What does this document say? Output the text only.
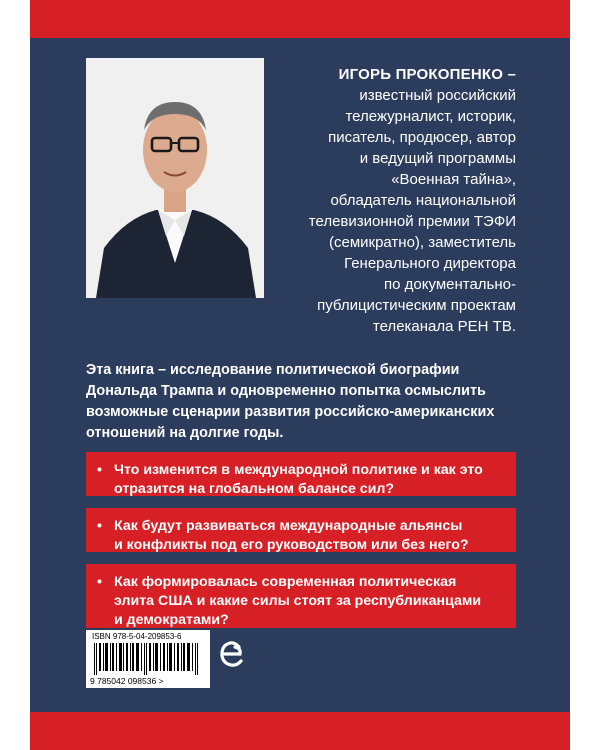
ИГОРЬ ПРОКОПЕНКО –
известный российский
тележурналист, историк,
писатель, продюсер, автор
и ведущий программы
«Военная тайна»,
обладатель национальной
телевизионной премии ТЭФИ
(семикратно), заместитель
Генерального директора
по документально-
публицистическим проектам
телеканала РЕН ТВ.
Эта книга – исследование политической биографии
Дональда Трампа и одновременно попытка осмыслить
возможные сценарии развития российско-американских
отношений на долгие годы.
• Что изменится в международной политике и как это
отразится на глобальном балансе сил?
• Как будут развиваться международные альянсы
и конфликты под его руководством или без него?
• Как формировалась современная политическая
элита США и какие силы стоят за республиканцами
и демократами?
ISBN 978-5-04-209853-6
9 785042 098536 >
